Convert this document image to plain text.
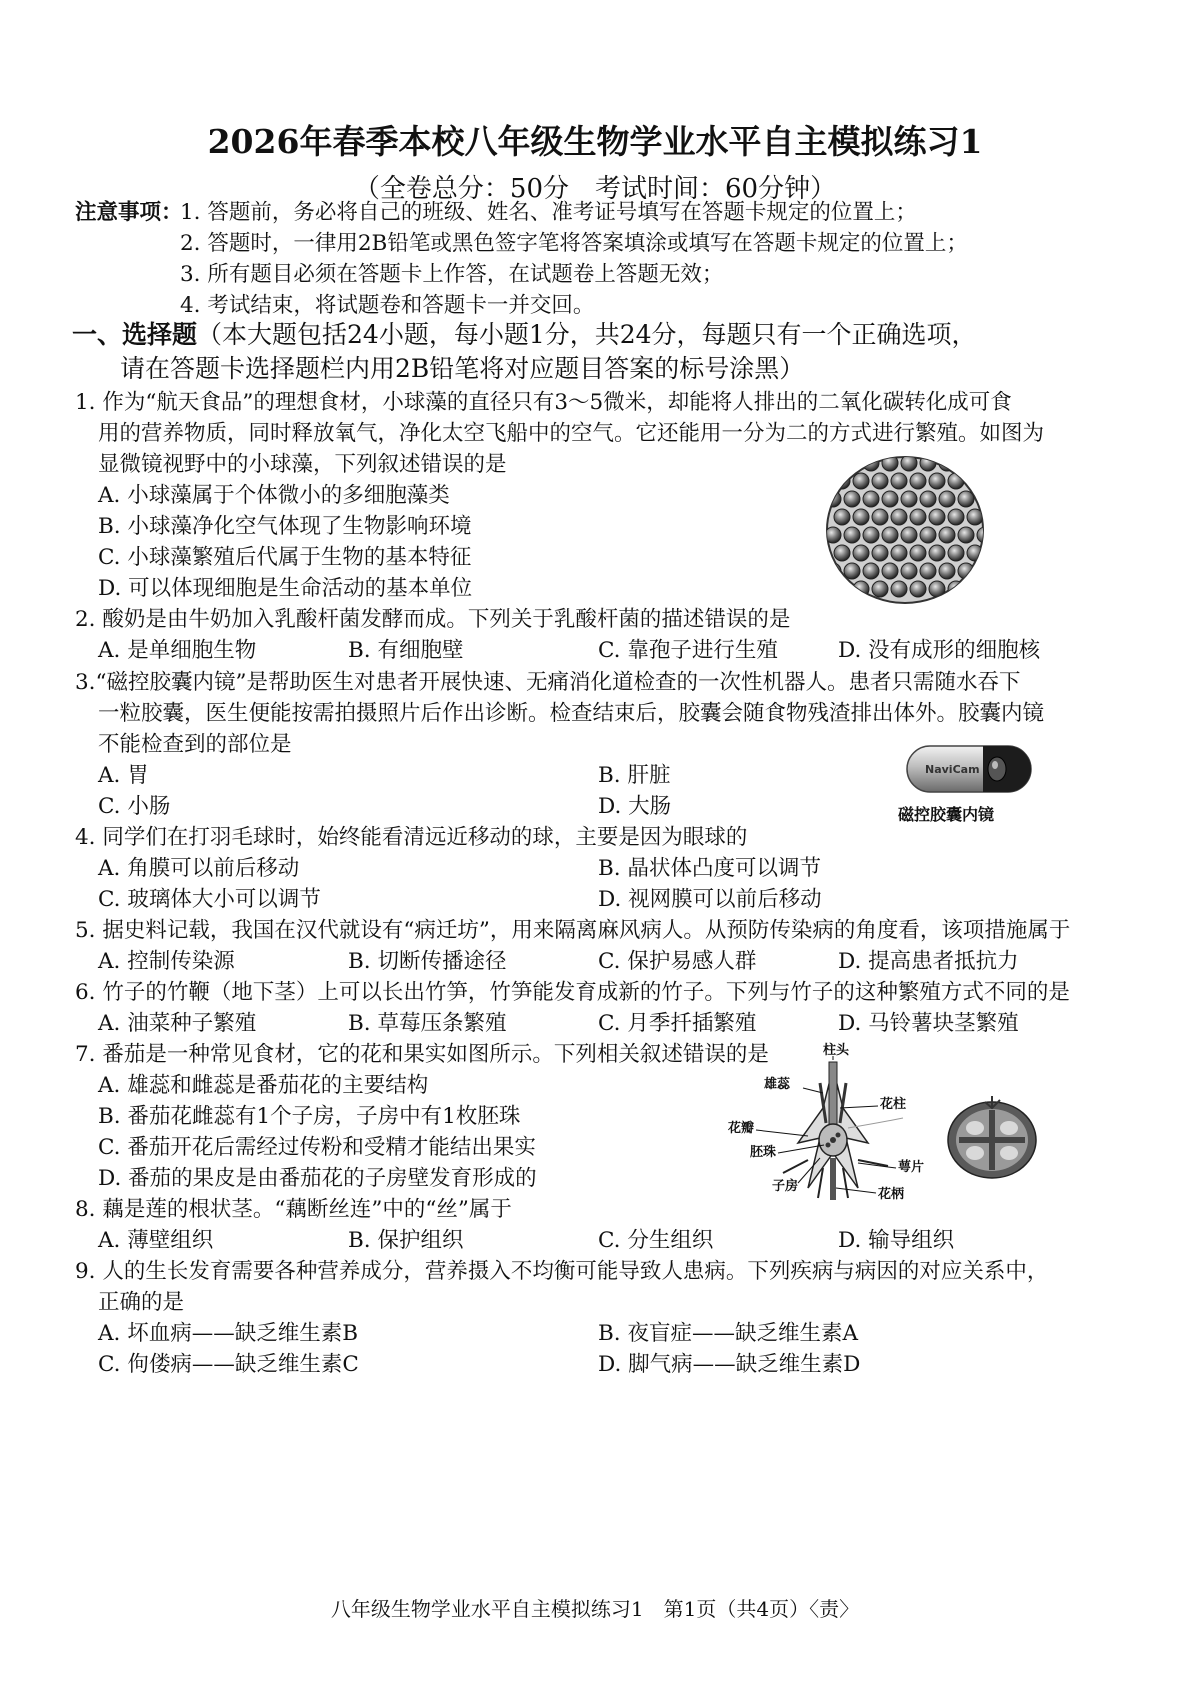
2026年春季本校八年级生物学业水平自主模拟练习1
（全卷总分：50分　考试时间：60分钟）
注意事项：
1. 答题前，务必将自己的班级、姓名、准考证号填写在答题卡规定的位置上；
2. 答题时，一律用2B铅笔或黑色签字笔将答案填涂或填写在答题卡规定的位置上；
3. 所有题目必须在答题卡上作答，在试题卷上答题无效；
4. 考试结束，将试题卷和答题卡一并交回。
一、选择题（本大题包括24小题，每小题1分，共24分，每题只有一个正确选项，
请在答题卡选择题栏内用2B铅笔将对应题目答案的标号涂黑）
1. 作为“航天食品”的理想食材，小球藻的直径只有3～5微米，却能将人排出的二氧化碳转化成可食
用的营养物质，同时释放氧气，净化太空飞船中的空气。它还能用一分为二的方式进行繁殖。如图为
显微镜视野中的小球藻，下列叙述错误的是
A. 小球藻属于个体微小的多细胞藻类
B. 小球藻净化空气体现了生物影响环境
C. 小球藻繁殖后代属于生物的基本特征
D. 可以体现细胞是生命活动的基本单位
2. 酸奶是由牛奶加入乳酸杆菌发酵而成。下列关于乳酸杆菌的描述错误的是
A. 是单细胞生物	B. 有细胞壁	C. 靠孢子进行生殖	D. 没有成形的细胞核
3.“磁控胶囊内镜”是帮助医生对患者开展快速、无痛消化道检查的一次性机器人。患者只需随水吞下
一粒胶囊，医生便能按需拍摄照片后作出诊断。检查结束后，胶囊会随食物残渣排出体外。胶囊内镜
不能检查到的部位是
A. 胃	B. 肝脏
C. 小肠	D. 大肠
NaviCam
磁控胶囊内镜
4. 同学们在打羽毛球时，始终能看清远近移动的球，主要是因为眼球的
A. 角膜可以前后移动	B. 晶状体凸度可以调节
C. 玻璃体大小可以调节	D. 视网膜可以前后移动
5. 据史料记载，我国在汉代就设有“病迁坊”，用来隔离麻风病人。从预防传染病的角度看，该项措施属于
A. 控制传染源	B. 切断传播途径	C. 保护易感人群	D. 提高患者抵抗力
6. 竹子的竹鞭（地下茎）上可以长出竹笋，竹笋能发育成新的竹子。下列与竹子的这种繁殖方式不同的是
A. 油菜种子繁殖	B. 草莓压条繁殖	C. 月季扦插繁殖	D. 马铃薯块茎繁殖
7. 番茄是一种常见食材，它的花和果实如图所示。下列相关叙述错误的是
A. 雄蕊和雌蕊是番茄花的主要结构
B. 番茄花雌蕊有1个子房，子房中有1枚胚珠
C. 番茄开花后需经过传粉和受精才能结出果实
D. 番茄的果皮是由番茄花的子房壁发育形成的
柱头
雄蕊
花柱
花瓣
胚珠
萼片
子房
花柄
8. 藕是莲的根状茎。“藕断丝连”中的“丝”属于
A. 薄壁组织	B. 保护组织	C. 分生组织	D. 输导组织
9. 人的生长发育需要各种营养成分，营养摄入不均衡可能导致人患病。下列疾病与病因的对应关系中，
正确的是
A. 坏血病——缺乏维生素B	B. 夜盲症——缺乏维生素A
C. 佝偻病——缺乏维生素C	D. 脚气病——缺乏维生素D
八年级生物学业水平自主模拟练习1　第1页（共4页）〈责〉
